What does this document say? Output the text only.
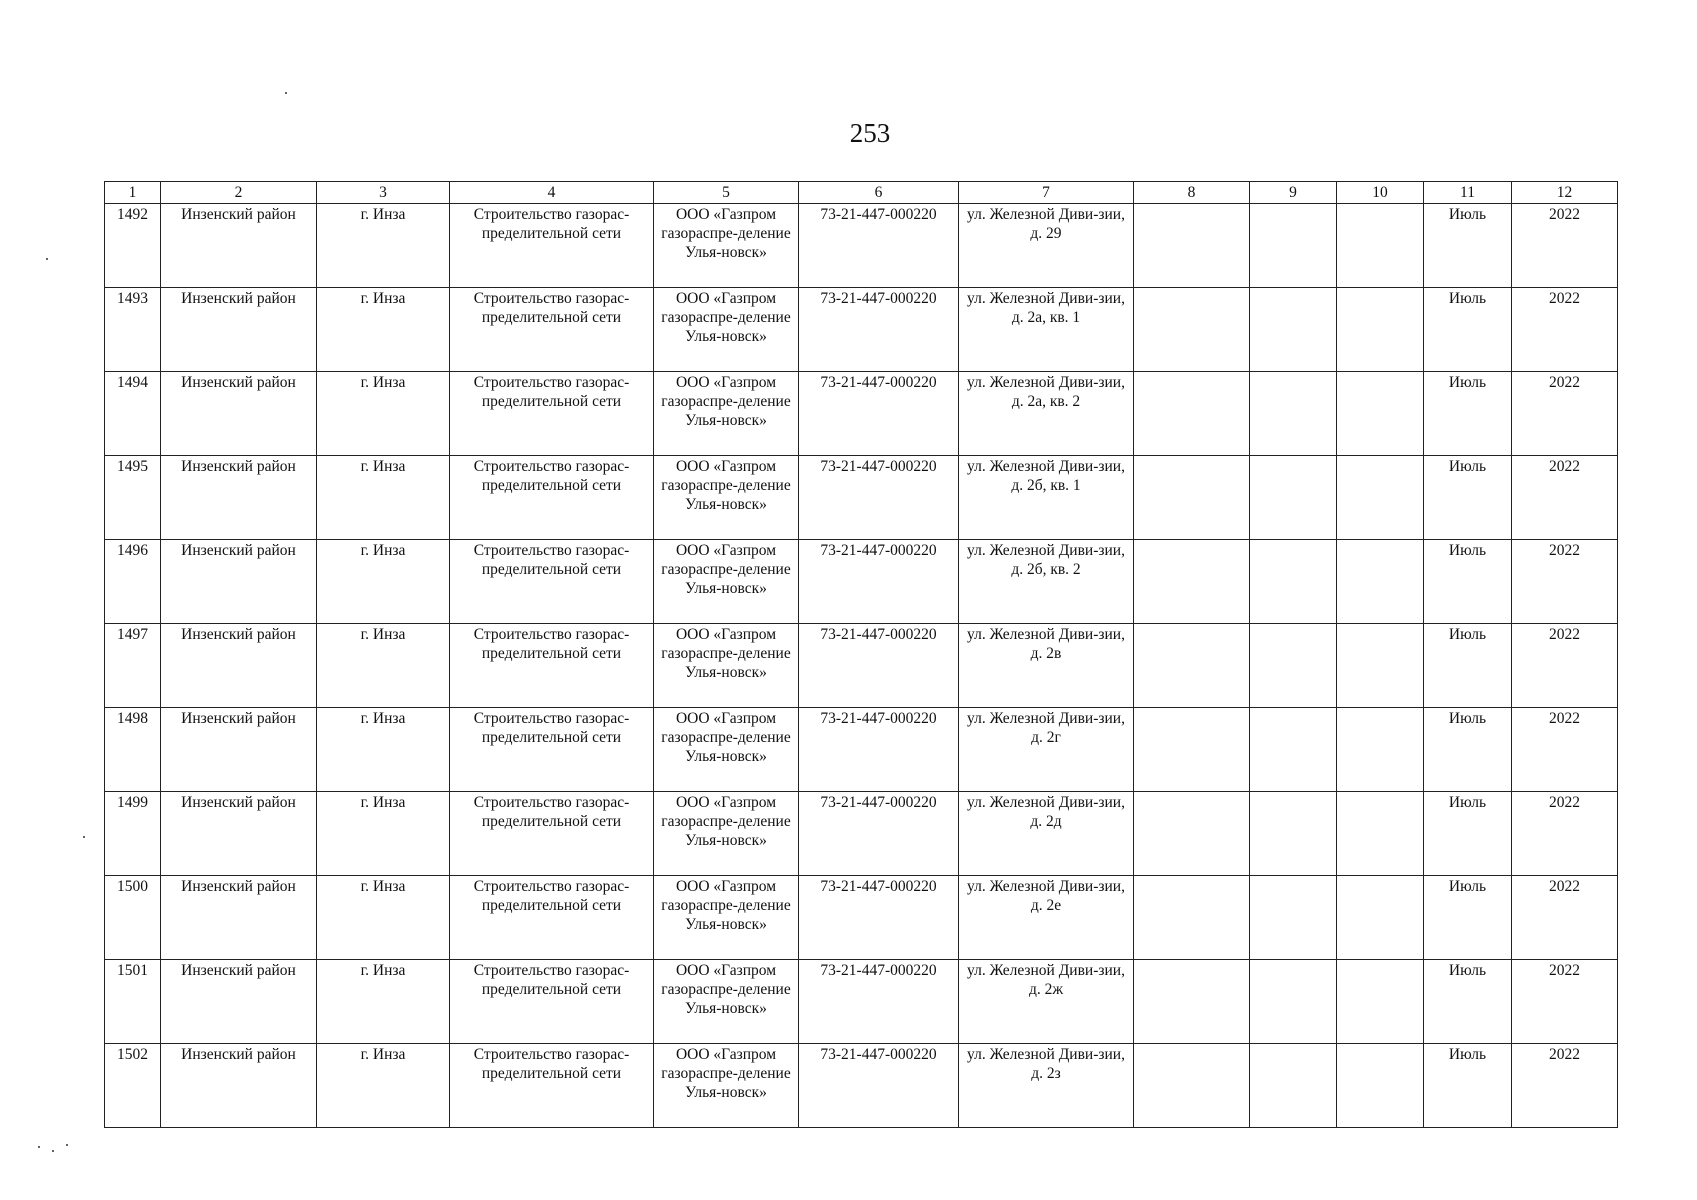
253
1	2	3	4	5	6	7	8	9	10	11	12
1492	Инзенский район	г. Инза	Строительство газорас-пределительной сети	ООО «Газпром газораспре-деление Улья-новск»	73-21-447-000220	ул. Железной Диви-зии, д. 29				Июль	2022
1493	Инзенский район	г. Инза	Строительство газорас-пределительной сети	ООО «Газпром газораспре-деление Улья-новск»	73-21-447-000220	ул. Железной Диви-зии, д. 2а, кв. 1				Июль	2022
1494	Инзенский район	г. Инза	Строительство газорас-пределительной сети	ООО «Газпром газораспре-деление Улья-новск»	73-21-447-000220	ул. Железной Диви-зии, д. 2а, кв. 2				Июль	2022
1495	Инзенский район	г. Инза	Строительство газорас-пределительной сети	ООО «Газпром газораспре-деление Улья-новск»	73-21-447-000220	ул. Железной Диви-зии, д. 2б, кв. 1				Июль	2022
1496	Инзенский район	г. Инза	Строительство газорас-пределительной сети	ООО «Газпром газораспре-деление Улья-новск»	73-21-447-000220	ул. Железной Диви-зии, д. 2б, кв. 2				Июль	2022
1497	Инзенский район	г. Инза	Строительство газорас-пределительной сети	ООО «Газпром газораспре-деление Улья-новск»	73-21-447-000220	ул. Железной Диви-зии, д. 2в				Июль	2022
1498	Инзенский район	г. Инза	Строительство газорас-пределительной сети	ООО «Газпром газораспре-деление Улья-новск»	73-21-447-000220	ул. Железной Диви-зии, д. 2г				Июль	2022
1499	Инзенский район	г. Инза	Строительство газорас-пределительной сети	ООО «Газпром газораспре-деление Улья-новск»	73-21-447-000220	ул. Железной Диви-зии, д. 2д				Июль	2022
1500	Инзенский район	г. Инза	Строительство газорас-пределительной сети	ООО «Газпром газораспре-деление Улья-новск»	73-21-447-000220	ул. Железной Диви-зии, д. 2е				Июль	2022
1501	Инзенский район	г. Инза	Строительство газорас-пределительной сети	ООО «Газпром газораспре-деление Улья-новск»	73-21-447-000220	ул. Железной Диви-зии, д. 2ж				Июль	2022
1502	Инзенский район	г. Инза	Строительство газорас-пределительной сети	ООО «Газпром газораспре-деление Улья-новск»	73-21-447-000220	ул. Железной Диви-зии, д. 2з				Июль	2022
